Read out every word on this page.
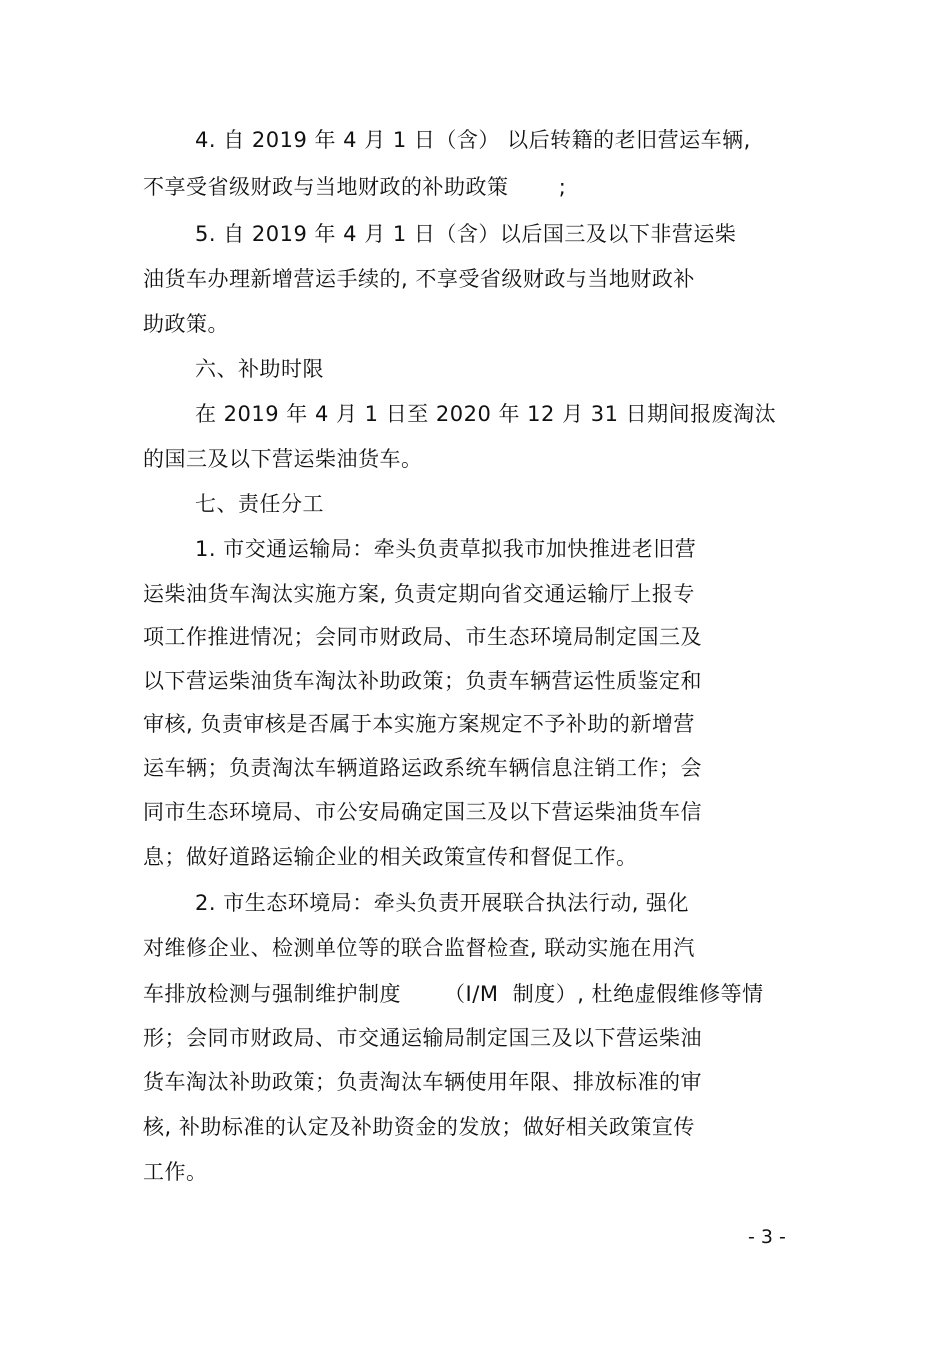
4. 自 2019 年 4 月 1 日（含） 以后转籍的老旧营运车辆,
不享受省级财政与当地财政的补助政策       ;
5. 自 2019 年 4 月 1 日（含）以后国三及以下非营运柴
油货车办理新增营运手续的, 不享受省级财政与当地财政补
助政策。
六、补助时限
在 2019 年 4 月 1 日至 2020 年 12 月 31 日期间报废淘汰
的国三及以下营运柴油货车。
七、责任分工
1. 市交通运输局：牵头负责草拟我市加快推进老旧营
运柴油货车淘汰实施方案, 负责定期向省交通运输厅上报专
项工作推进情况；会同市财政局、市生态环境局制定国三及
以下营运柴油货车淘汰补助政策；负责车辆营运性质鉴定和
审核, 负责审核是否属于本实施方案规定不予补助的新增营
运车辆；负责淘汰车辆道路运政系统车辆信息注销工作；会
同市生态环境局、市公安局确定国三及以下营运柴油货车信
息；做好道路运输企业的相关政策宣传和督促工作。
2. 市生态环境局：牵头负责开展联合执法行动, 强化
对维修企业、检测单位等的联合监督检查, 联动实施在用汽
车排放检测与强制维护制度      （I/M  制度）, 杜绝虚假维修等情
形；会同市财政局、市交通运输局制定国三及以下营运柴油
货车淘汰补助政策；负责淘汰车辆使用年限、排放标准的审
核, 补助标准的认定及补助资金的发放；做好相关政策宣传
工作。
- 3 -
